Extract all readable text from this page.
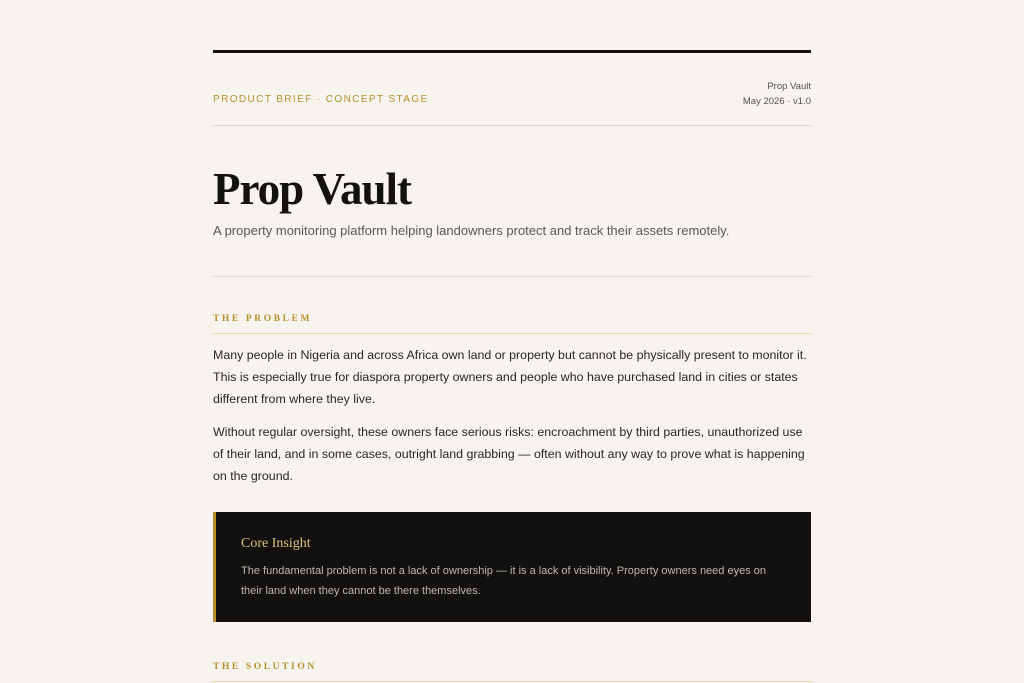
PRODUCT BRIEF · CONCEPT STAGE
Prop Vault
May 2026 · v1.0
Prop Vault
A property monitoring platform helping landowners protect and track their assets remotely.
THE PROBLEM

Many people in Nigeria and across Africa own land or property but cannot be physically present to monitor it. This is especially true for diaspora property owners and people who have purchased land in cities or states different from where they live.

Without regular oversight, these owners face serious risks: encroachment by third parties, unauthorized use of their land, and in some cases, outright land grabbing — often without any way to prove what is happening on the ground.

Core Insight

The fundamental problem is not a lack of ownership — it is a lack of visibility. Property owners need eyes on their land when they cannot be there themselves.

THE SOLUTION
